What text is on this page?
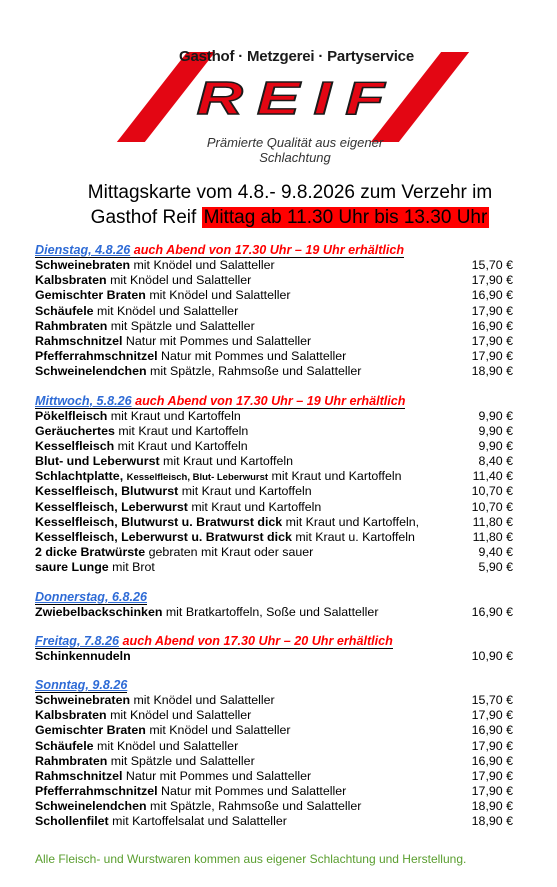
Gasthof · Metzgerei · Partyservice
REIF
Prämierte Qualität aus eigener Schlachtung
Mittagskarte vom 4.8.- 9.8.2026 zum Verzehr im
Gasthof Reif Mittag ab 11.30 Uhr bis 13.30 Uhr
Dienstag, 4.8.26 auch Abend von 17.30 Uhr – 19 Uhr erhältlich
Schweinebraten mit Knödel und Salatteller	15,70 €
Kalbsbraten mit Knödel und Salatteller	17,90 €
Gemischter Braten mit Knödel und Salatteller	16,90 €
Schäufele mit Knödel und Salatteller	17,90 €
Rahmbraten mit Spätzle und Salatteller	16,90 €
Rahmschnitzel Natur mit Pommes und Salatteller	17,90 €
Pfefferrahmschnitzel Natur mit Pommes und Salatteller	17,90 €
Schweinelendchen mit Spätzle, Rahmsoße und Salatteller	18,90 €
Mittwoch, 5.8.26 auch Abend von 17.30 Uhr – 19 Uhr erhältlich
Pökelfleisch mit Kraut und Kartoffeln	9,90 €
Geräuchertes mit Kraut und Kartoffeln	9,90 €
Kesselfleisch mit Kraut und Kartoffeln	9,90 €
Blut- und Leberwurst mit Kraut und Kartoffeln	8,40 €
Schlachtplatte, Kesselfleisch, Blut- Leberwurst mit Kraut und Kartoffeln	11,40 €
Kesselfleisch, Blutwurst mit Kraut und Kartoffeln	10,70 €
Kesselfleisch, Leberwurst mit Kraut und Kartoffeln	10,70 €
Kesselfleisch, Blutwurst u. Bratwurst dick mit Kraut und Kartoffeln,	11,80 €
Kesselfleisch, Leberwurst u. Bratwurst dick mit Kraut u. Kartoffeln	11,80 €
2 dicke Bratwürste gebraten mit Kraut oder sauer	9,40 €
saure Lunge mit Brot	5,90 €
Donnerstag, 6.8.26
Zwiebelbackschinken mit Bratkartoffeln, Soße und Salatteller	16,90 €
Freitag, 7.8.26 auch Abend von 17.30 Uhr – 20 Uhr erhältlich
Schinkennudeln	10,90 €
Sonntag, 9.8.26
Schweinebraten mit Knödel und Salatteller	15,70 €
Kalbsbraten mit Knödel und Salatteller	17,90 €
Gemischter Braten mit Knödel und Salatteller	16,90 €
Schäufele mit Knödel und Salatteller	17,90 €
Rahmbraten mit Spätzle und Salatteller	16,90 €
Rahmschnitzel Natur mit Pommes und Salatteller	17,90 €
Pfefferrahmschnitzel Natur mit Pommes und Salatteller	17,90 €
Schweinelendchen mit Spätzle, Rahmsoße und Salatteller	18,90 €
Schollenfilet mit Kartoffelsalat und Salatteller	18,90 €
Alle Fleisch- und Wurstwaren kommen aus eigener Schlachtung und Herstellung.
